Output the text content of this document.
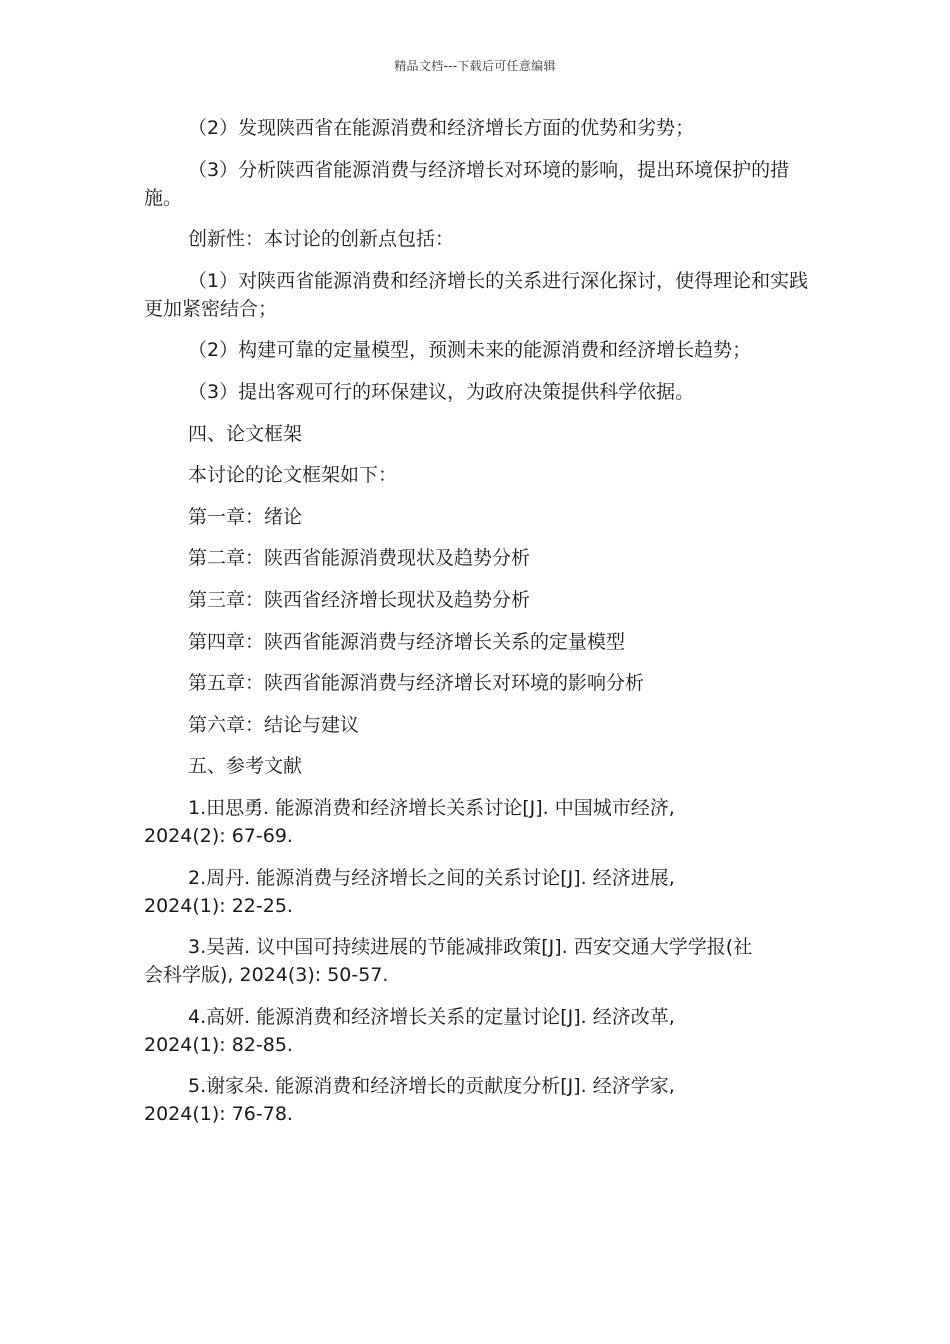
精品文档---下载后可任意编辑

（2）发现陕西省在能源消费和经济增长方面的优势和劣势；

（3）分析陕西省能源消费与经济增长对环境的影响，提出环境保护的措施。

创新性：本讨论的创新点包括：

（1）对陕西省能源消费和经济增长的关系进行深化探讨，使得理论和实践更加紧密结合；

（2）构建可靠的定量模型，预测未来的能源消费和经济增长趋势；

（3）提出客观可行的环保建议，为政府决策提供科学依据。

四、论文框架

本讨论的论文框架如下：

第一章：绪论

第二章：陕西省能源消费现状及趋势分析

第三章：陕西省经济增长现状及趋势分析

第四章：陕西省能源消费与经济增长关系的定量模型

第五章：陕西省能源消费与经济增长对环境的影响分析

第六章：结论与建议

五、参考文献

1.田思勇. 能源消费和经济增长关系讨论[J]. 中国城市经济,
2024(2): 67-69.

2.周丹. 能源消费与经济增长之间的关系讨论[J]. 经济进展,
2024(1): 22-25.

3.吴茜. 议中国可持续进展的节能减排政策[J]. 西安交通大学学报(社
会科学版), 2024(3): 50-57.

4.高妍. 能源消费和经济增长关系的定量讨论[J]. 经济改革,
2024(1): 82-85.

5.谢家朵. 能源消费和经济增长的贡献度分析[J]. 经济学家,
2024(1): 76-78.
